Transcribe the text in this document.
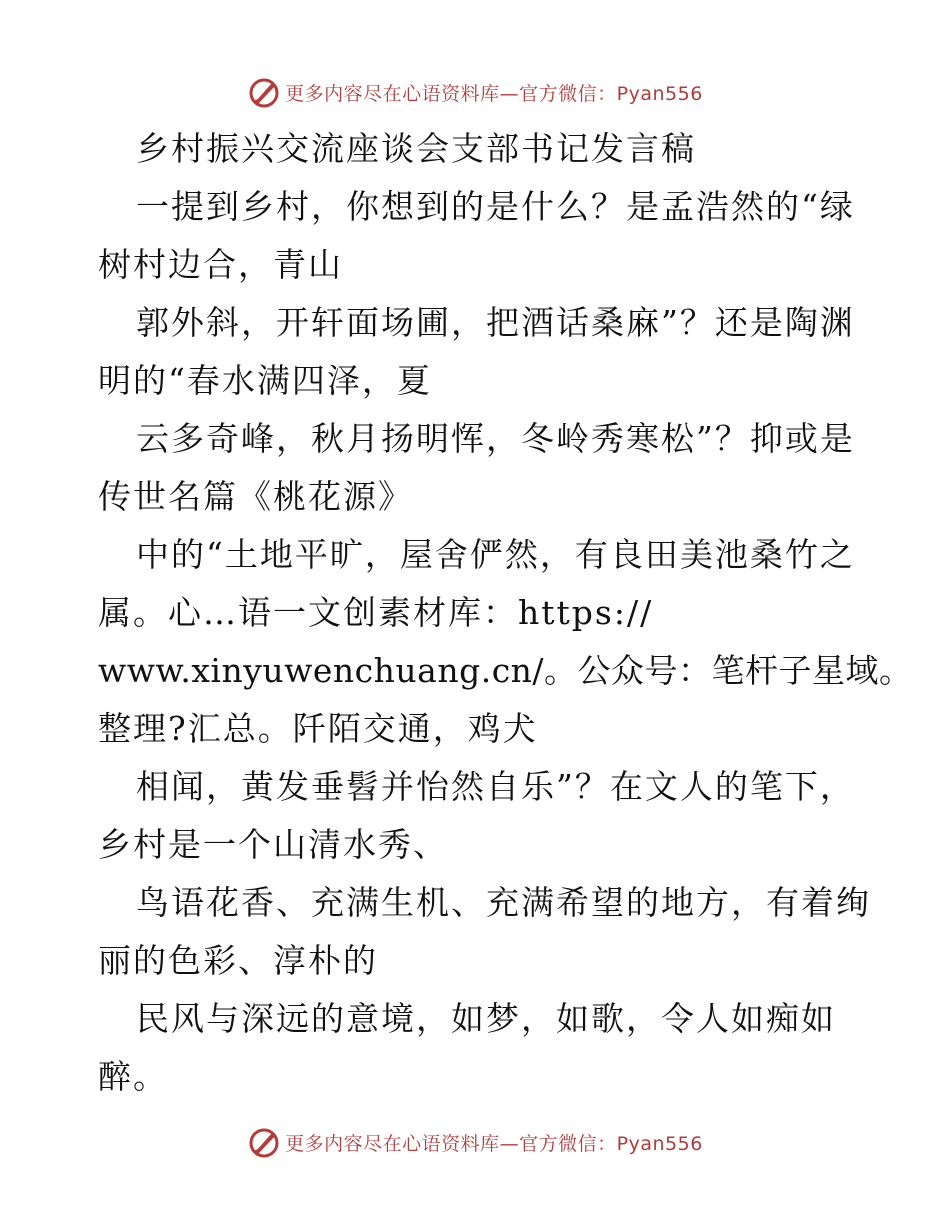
更多内容尽在心语资料库—官方微信：Pyan556
乡村振兴交流座谈会支部书记发言稿
一提到乡村，你想到的是什么？是孟浩然的“绿
树村边合，青山
郭外斜，开轩面场圃，把酒话桑麻”？还是陶渊
明的“春水满四泽，夏
云多奇峰，秋月扬明恽，冬岭秀寒松”？抑或是
传世名篇《桃花源》
中的“土地平旷，屋舍俨然，有良田美池桑竹之
属。心…语一文创素材库：https://
www.xinyuwenchuang.cn/。公众号：笔杆子星域。
整理?汇总。阡陌交通，鸡犬
相闻，黄发垂髫并怡然自乐”？在文人的笔下，
乡村是一个山清水秀、
鸟语花香、充满生机、充满希望的地方，有着绚
丽的色彩、淳朴的
民风与深远的意境，如梦，如歌，令人如痴如
醉。
更多内容尽在心语资料库—官方微信：Pyan556
